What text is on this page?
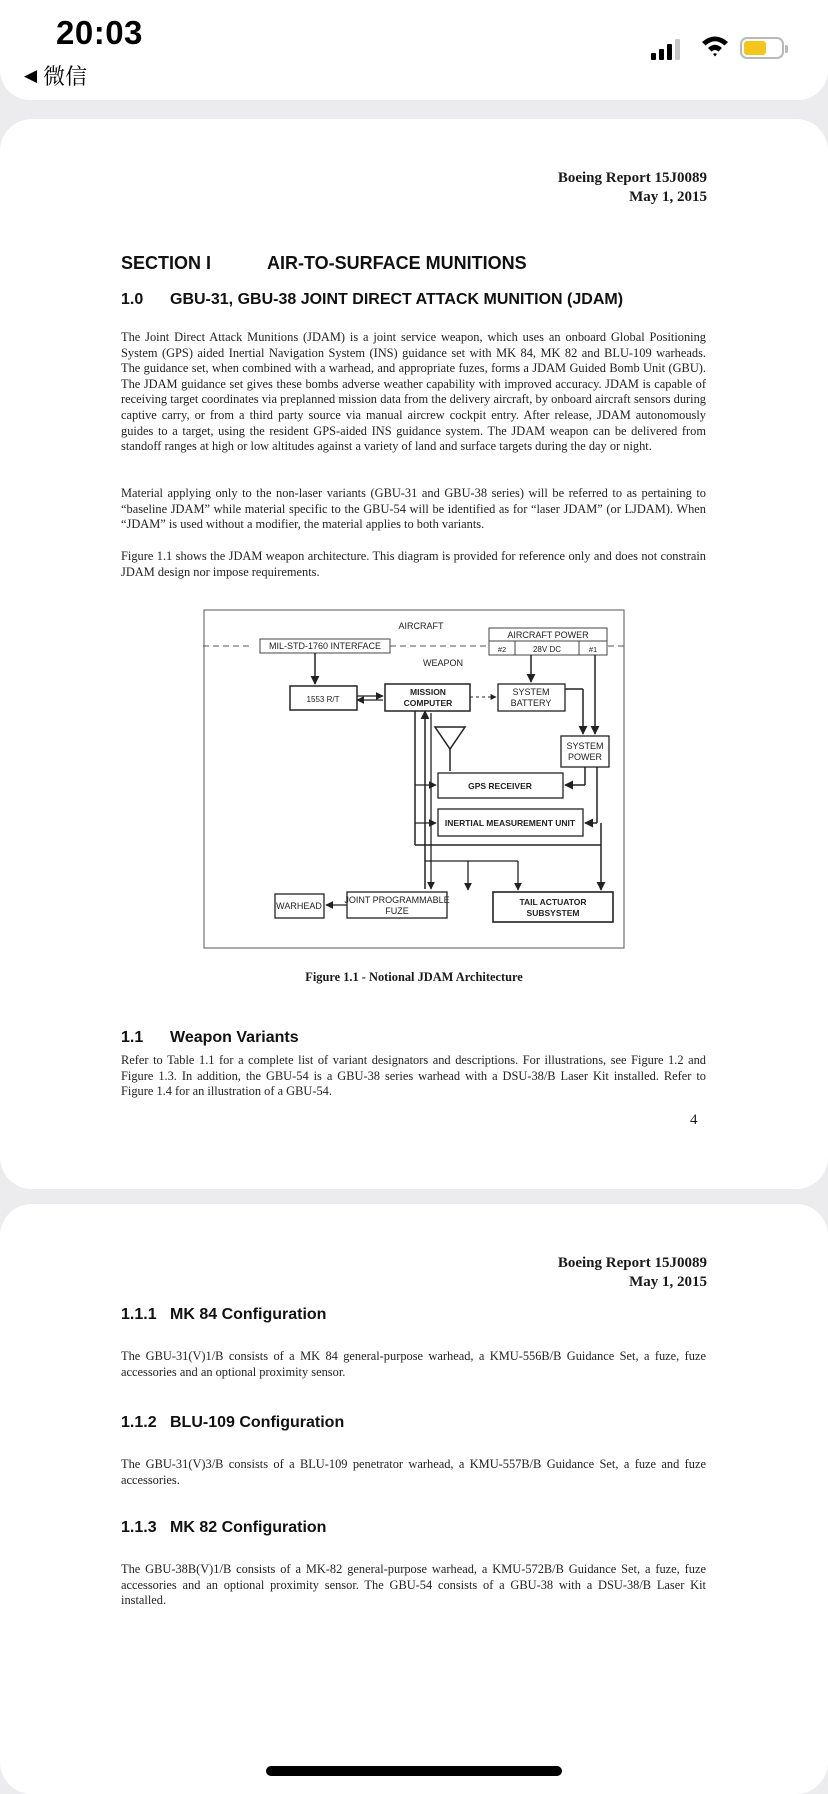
20:03
◀ 微信
Boeing Report 15J0089
May 1, 2015
SECTION I	AIR-TO-SURFACE MUNITIONS
1.0 GBU-31, GBU-38 JOINT DIRECT ATTACK MUNITION (JDAM)
The Joint Direct Attack Munitions (JDAM) is a joint service weapon, which uses an onboard Global Positioning System (GPS) aided Inertial Navigation System (INS) guidance set with MK 84, MK 82 and BLU-109 warheads. The guidance set, when combined with a warhead, and appropriate fuzes, forms a JDAM Guided Bomb Unit (GBU). The JDAM guidance set gives these bombs adverse weather capability with improved accuracy. JDAM is capable of receiving target coordinates via preplanned mission data from the delivery aircraft, by onboard aircraft sensors during captive carry, or from a third party source via manual aircrew cockpit entry. After release, JDAM autonomously guides to a target, using the resident GPS-aided INS guidance system. The JDAM weapon can be delivered from standoff ranges at high or low altitudes against a variety of land and surface targets during the day or night.
Material applying only to the non-laser variants (GBU-31 and GBU-38 series) will be referred to as pertaining to “baseline JDAM” while material specific to the GBU-54 will be identified as for “laser JDAM” (or LJDAM). When “JDAM” is used without a modifier, the material applies to both variants.
Figure 1.1 shows the JDAM weapon architecture. This diagram is provided for reference only and does not constrain JDAM design nor impose requirements.
AIRCRAFT
WEAPON
MIL-STD-1760 INTERFACE
AIRCRAFT POWER
#2	28V DC	#1
1553 R/T
MISSION
COMPUTER
SYSTEM
BATTERY
SYSTEM
POWER
GPS RECEIVER
INERTIAL MEASUREMENT UNIT
JOINT PROGRAMMABLE
FUZE
TAIL ACTUATOR
SUBSYSTEM
WARHEAD
Figure 1.1 - Notional JDAM Architecture
1.1 Weapon Variants
Refer to Table 1.1 for a complete list of variant designators and descriptions. For illustrations, see Figure 1.2 and Figure 1.3. In addition, the GBU-54 is a GBU-38 series warhead with a DSU-38/B Laser Kit installed. Refer to Figure 1.4 for an illustration of a GBU-54.
4
Boeing Report 15J0089
May 1, 2015
1.1.1 MK 84 Configuration
The GBU-31(V)1/B consists of a MK 84 general-purpose warhead, a KMU-556B/B Guidance Set, a fuze, fuze accessories and an optional proximity sensor.
1.1.2 BLU-109 Configuration
The GBU-31(V)3/B consists of a BLU-109 penetrator warhead, a KMU-557B/B Guidance Set, a fuze and fuze accessories.
1.1.3 MK 82 Configuration
The GBU-38B(V)1/B consists of a MK-82 general-purpose warhead, a KMU-572B/B Guidance Set, a fuze, fuze accessories and an optional proximity sensor. The GBU-54 consists of a GBU-38 with a DSU-38/B Laser Kit installed.
